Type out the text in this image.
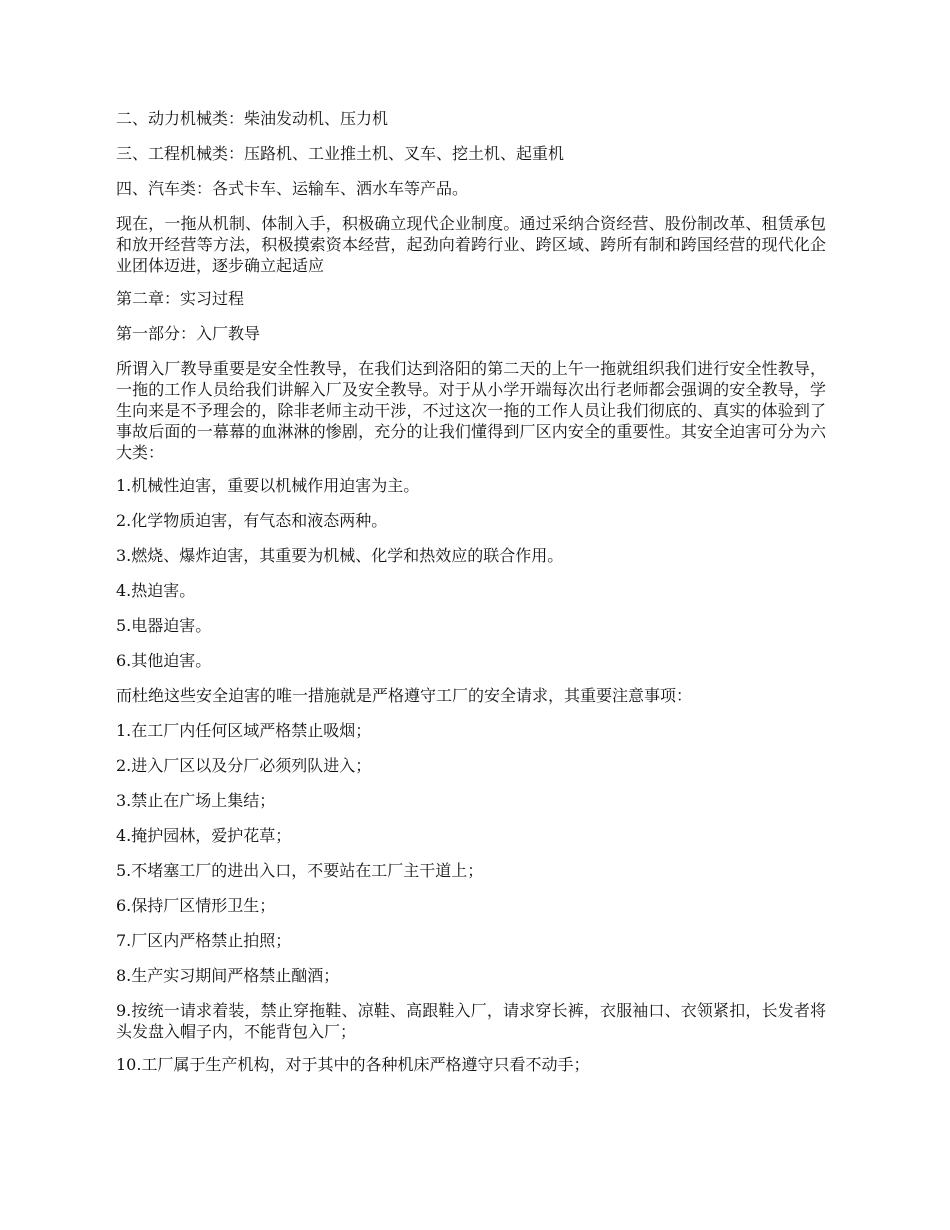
二、动力机械类：柴油发动机、压力机

三、工程机械类：压路机、工业推土机、叉车、挖土机、起重机

四、汽车类：各式卡车、运输车、洒水车等产品。

现在，一拖从机制、体制入手，积极确立现代企业制度。通过采纳合资经营、股份制改革、租赁承包和放开经营等方法，积极摸索资本经营，起劲向着跨行业、跨区域、跨所有制和跨国经营的现代化企业团体迈进，逐步确立起适应

第二章：实习过程

第一部分：入厂教导

所谓入厂教导重要是安全性教导，在我们达到洛阳的第二天的上午一拖就组织我们进行安全性教导，一拖的工作人员给我们讲解入厂及安全教导。对于从小学开端每次出行老师都会强调的安全教导，学生向来是不予理会的，除非老师主动干涉，不过这次一拖的工作人员让我们彻底的、真实的体验到了事故后面的一幕幕的血淋淋的惨剧，充分的让我们懂得到厂区内安全的重要性。其安全迫害可分为六大类：

1.机械性迫害，重要以机械作用迫害为主。

2.化学物质迫害，有气态和液态两种。

3.燃烧、爆炸迫害，其重要为机械、化学和热效应的联合作用。

4.热迫害。

5.电器迫害。

6.其他迫害。

而杜绝这些安全迫害的唯一措施就是严格遵守工厂的安全请求，其重要注意事项：

1.在工厂内任何区域严格禁止吸烟；

2.进入厂区以及分厂必须列队进入；

3.禁止在广场上集结；

4.掩护园林，爱护花草；

5.不堵塞工厂的进出入口，不要站在工厂主干道上；

6.保持厂区情形卫生；

7.厂区内严格禁止拍照；

8.生产实习期间严格禁止酗酒；

9.按统一请求着装，禁止穿拖鞋、凉鞋、高跟鞋入厂，请求穿长裤，衣服袖口、衣领紧扣，长发者将头发盘入帽子内，不能背包入厂；

10.工厂属于生产机构，对于其中的各种机床严格遵守只看不动手；
